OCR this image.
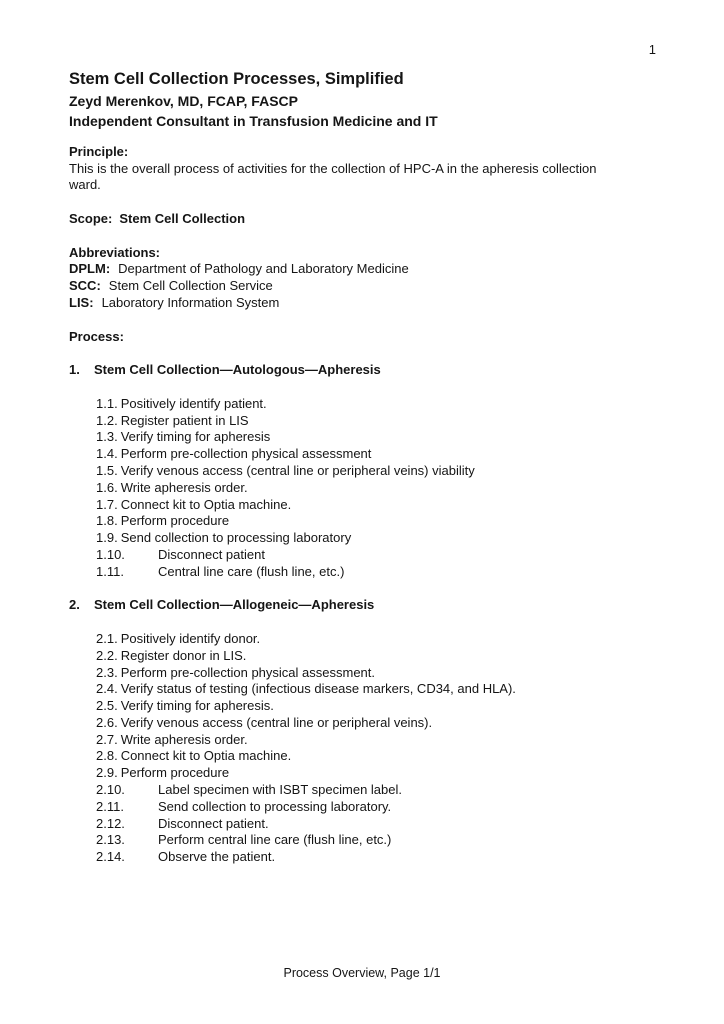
1
Stem Cell Collection Processes, Simplified
Zeyd Merenkov, MD, FCAP, FASCP
Independent Consultant in Transfusion Medicine and IT
Principle:
This is the overall process of activities for the collection of HPC-A in the apheresis collection
ward.
Scope: Stem Cell Collection
Abbreviations:
DPLM: Department of Pathology and Laboratory Medicine
SCC: Stem Cell Collection Service
LIS: Laboratory Information System
Process:
1.	Stem Cell Collection—Autologous—Apheresis
1.1. Positively identify patient.
1.2. Register patient in LIS
1.3. Verify timing for apheresis
1.4. Perform pre-collection physical assessment
1.5. Verify venous access (central line or peripheral veins) viability
1.6. Write apheresis order.
1.7. Connect kit to Optia machine.
1.8. Perform procedure
1.9. Send collection to processing laboratory
1.10.	Disconnect patient
1.11.	Central line care (flush line, etc.)
2.	Stem Cell Collection—Allogeneic—Apheresis
2.1. Positively identify donor.
2.2. Register donor in LIS.
2.3. Perform pre-collection physical assessment.
2.4. Verify status of testing (infectious disease markers, CD34, and HLA).
2.5. Verify timing for apheresis.
2.6. Verify venous access (central line or peripheral veins).
2.7. Write apheresis order.
2.8. Connect kit to Optia machine.
2.9. Perform procedure
2.10.	Label specimen with ISBT specimen label.
2.11.	Send collection to processing laboratory.
2.12.	Disconnect patient.
2.13.	Perform central line care (flush line, etc.)
2.14.	Observe the patient.
Process Overview, Page 1/1
